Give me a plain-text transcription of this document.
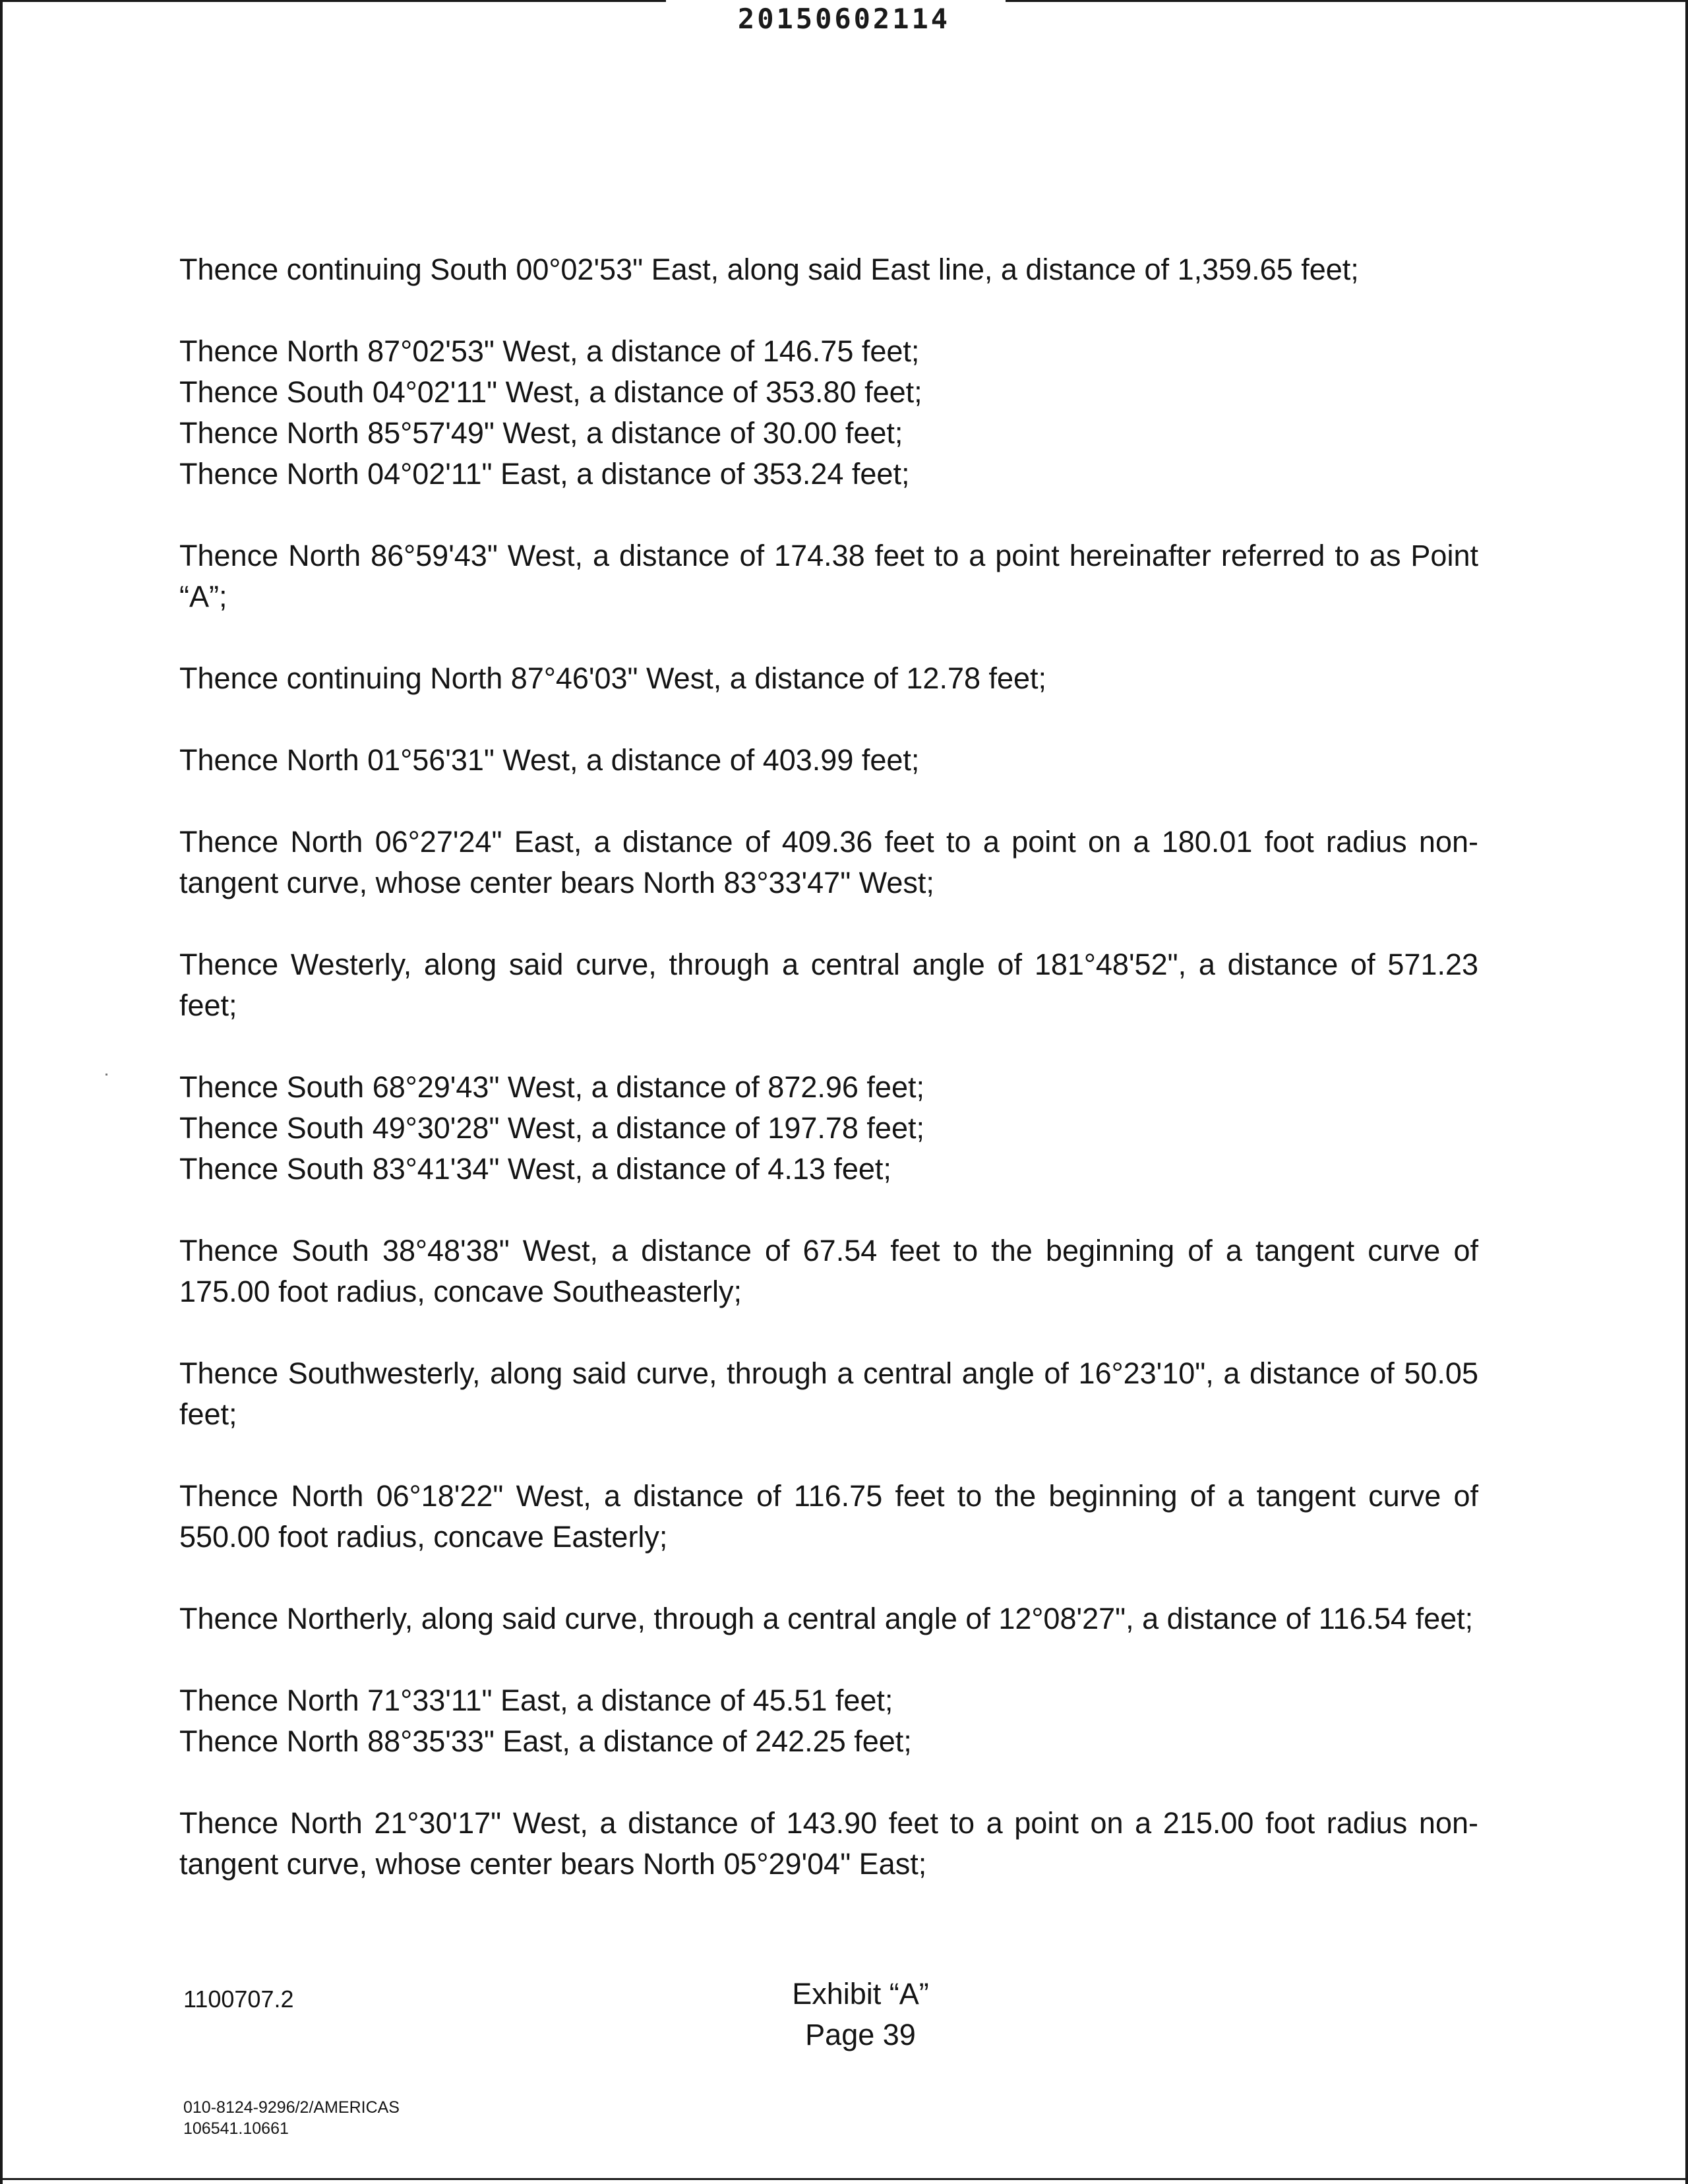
20150602114
Thence continuing South 00°02'53" East, along said East line, a distance of 1,359.65 feet;
Thence North 87°02'53" West, a distance of 146.75 feet;
Thence South 04°02'11" West, a distance of 353.80 feet;
Thence North 85°57'49" West, a distance of 30.00 feet;
Thence North 04°02'11" East, a distance of 353.24 feet;
Thence North 86°59'43" West, a distance of 174.38 feet to a point hereinafter referred to as Point “A”;
Thence continuing North 87°46'03" West, a distance of 12.78 feet;
Thence North 01°56'31" West, a distance of 403.99 feet;
Thence North 06°27'24" East, a distance of 409.36 feet to a point on a 180.01 foot radius non-tangent curve, whose center bears North 83°33'47" West;
Thence Westerly, along said curve, through a central angle of 181°48'52", a distance of 571.23 feet;
Thence South 68°29'43" West, a distance of 872.96 feet;
Thence South 49°30'28" West, a distance of 197.78 feet;
Thence South 83°41'34" West, a distance of 4.13 feet;
Thence South 38°48'38" West, a distance of 67.54 feet to the beginning of a tangent curve of 175.00 foot radius, concave Southeasterly;
Thence Southwesterly, along said curve, through a central angle of 16°23'10", a distance of 50.05 feet;
Thence North 06°18'22" West, a distance of 116.75 feet to the beginning of a tangent curve of 550.00 foot radius, concave Easterly;
Thence Northerly, along said curve, through a central angle of 12°08'27", a distance of 116.54 feet;
Thence North 71°33'11" East, a distance of 45.51 feet;
Thence North 88°35'33" East, a distance of 242.25 feet;
Thence North 21°30'17" West, a distance of 143.90 feet to a point on a 215.00 foot radius non-tangent curve, whose center bears North 05°29'04" East;
1100707.2	Exhibit “A”
Page 39
010-8124-9296/2/AMERICAS
106541.10661
